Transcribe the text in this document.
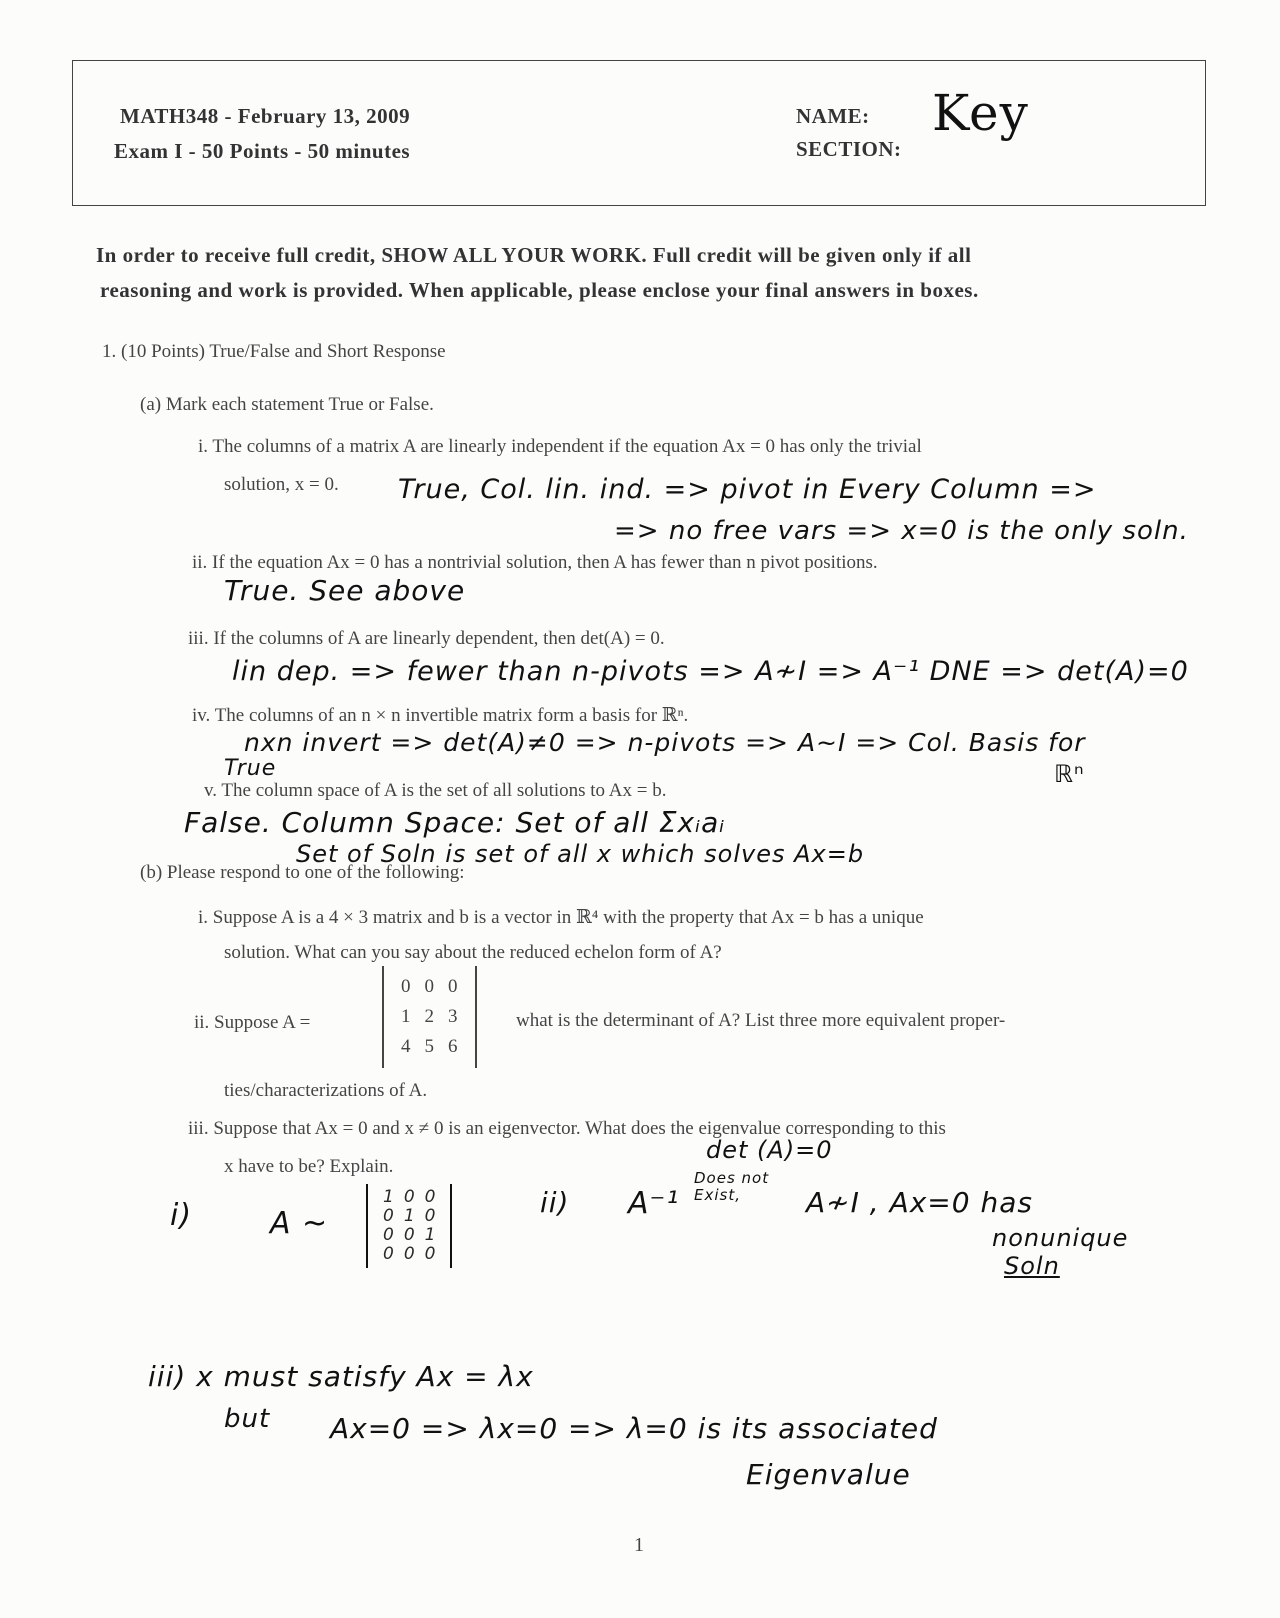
MATH348 - February 13, 2009
Exam I - 50 Points - 50 minutes
NAME:
SECTION:
Key
In order to receive full credit, SHOW ALL YOUR WORK. Full credit will be given only if all
reasoning and work is provided. When applicable, please enclose your final answers in boxes.
1. (10 Points) True/False and Short Response
(a) Mark each statement True or False.
i. The columns of a matrix A are linearly independent if the equation Ax = 0 has only the trivial
solution, x = 0. True, Col. lin. ind. => pivot in Every Column =>
=> no free vars => x=0 is the only soln.
ii. If the equation Ax = 0 has a nontrivial solution, then A has fewer than n pivot positions.
True. See above
iii. If the columns of A are linearly dependent, then det(A) = 0.
lin dep. => fewer than n-pivots => A≁I => A⁻¹ DNE => det(A)=0
iv. The columns of an n × n invertible matrix form a basis for ℝⁿ.
nxn invert => det(A)≠0 => n-pivots => A~I => Col. Basis for
True	ℝⁿ
v. The column space of A is the set of all solutions to Ax = b.
False. Column Space: Set of all Σxᵢaᵢ
Set of Soln is set of all x which solves Ax=b
(b) Please respond to one of the following:
i. Suppose A is a 4 × 3 matrix and b is a vector in ℝ⁴ with the property that Ax = b has a unique
solution. What can you say about the reduced echelon form of A?
ii. Suppose A =
0	0	0
1	2	3
4	5	6
what is the determinant of A? List three more equivalent proper-
ties/characterizations of A.
iii. Suppose that Ax = 0 and x ≠ 0 is an eigenvector. What does the eigenvalue corresponding to this
x have to be? Explain.
i)	A ~
1	0	0
0	1	0
0	0	1
0	0	0
ii)
det (A)=0
A⁻¹
Does not Exist,	A≁I , Ax=0 has
nonunique
Soln
iii) x must satisfy Ax = λx
but Ax=0 => λx=0 => λ=0 is its associated
Eigenvalue
1
